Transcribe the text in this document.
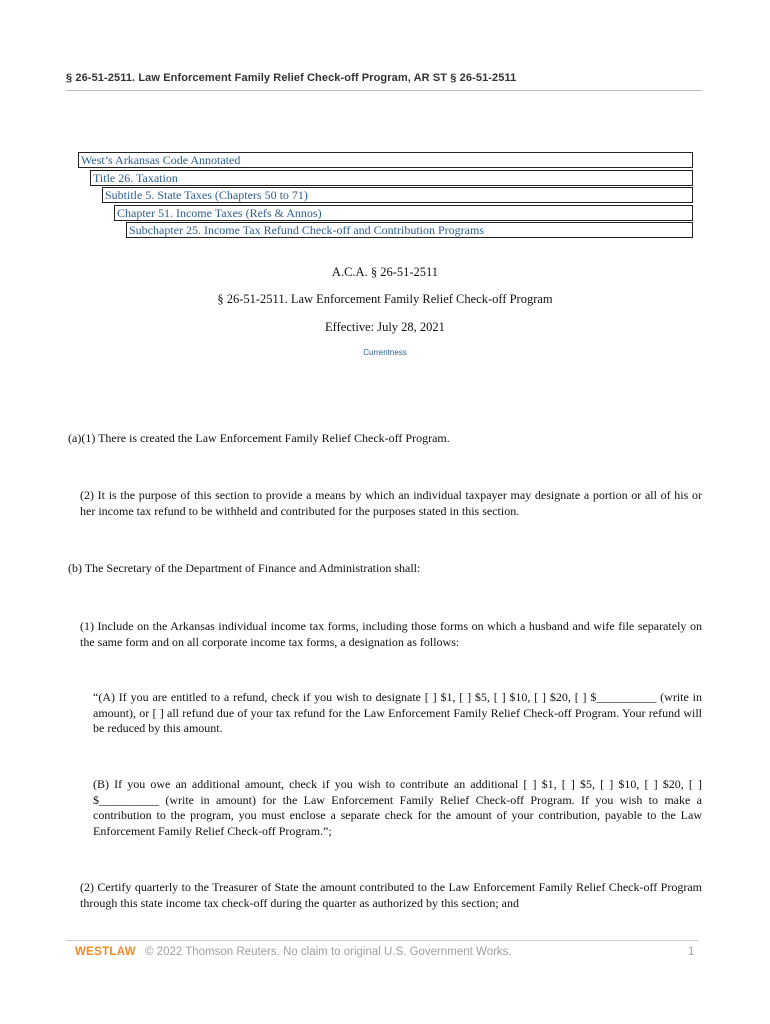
§ 26-51-2511. Law Enforcement Family Relief Check-off Program, AR ST § 26-51-2511
West’s Arkansas Code Annotated
Title 26. Taxation
Subtitle 5. State Taxes (Chapters 50 to 71)
Chapter 51. Income Taxes (Refs & Annos)
Subchapter 25. Income Tax Refund Check-off and Contribution Programs
A.C.A. § 26-51-2511
§ 26-51-2511. Law Enforcement Family Relief Check-off Program
Effective: July 28, 2021
Currentness
(a)(1) There is created the Law Enforcement Family Relief Check-off Program.
(2) It is the purpose of this section to provide a means by which an individual taxpayer may designate a portion or all of his or her income tax refund to be withheld and contributed for the purposes stated in this section.
(b) The Secretary of the Department of Finance and Administration shall:
(1) Include on the Arkansas individual income tax forms, including those forms on which a husband and wife file separately on the same form and on all corporate income tax forms, a designation as follows:
“(A) If you are entitled to a refund, check if you wish to designate [ ] $1, [ ] $5, [ ] $10, [ ] $20, [ ] $__________ (write in amount), or [ ] all refund due of your tax refund for the Law Enforcement Family Relief Check-off Program. Your refund will be reduced by this amount.
(B) If you owe an additional amount, check if you wish to contribute an additional [ ] $1, [ ] $5, [ ] $10, [ ] $20, [ ] $__________ (write in amount) for the Law Enforcement Family Relief Check-off Program. If you wish to make a contribution to the program, you must enclose a separate check for the amount of your contribution, payable to the Law Enforcement Family Relief Check-off Program.”;
(2) Certify quarterly to the Treasurer of State the amount contributed to the Law Enforcement Family Relief Check-off Program through this state income tax check-off during the quarter as authorized by this section; and
WESTLAW © 2022 Thomson Reuters. No claim to original U.S. Government Works.	1
